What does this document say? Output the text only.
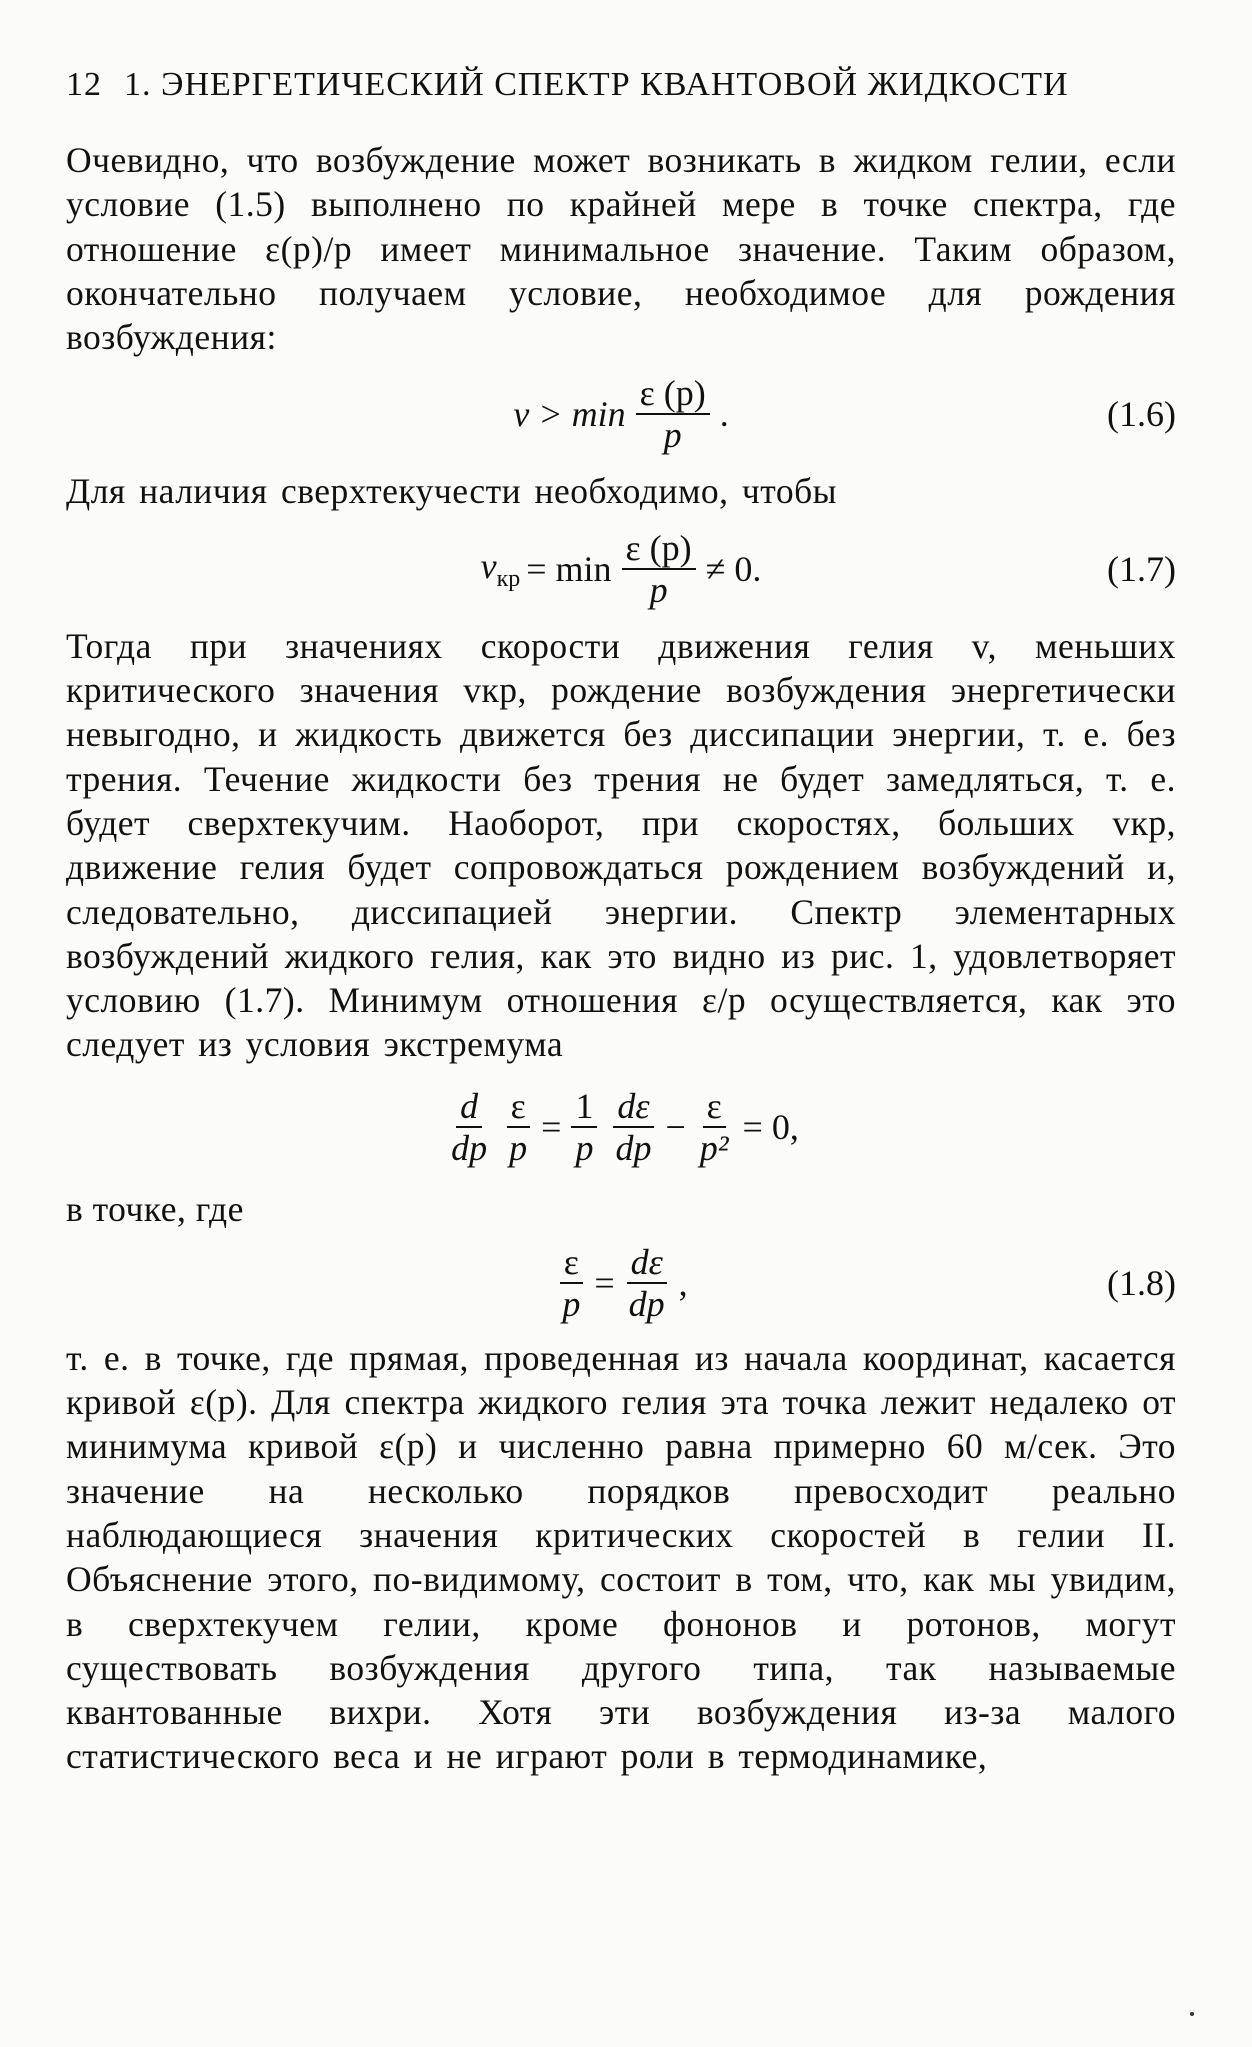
12 1. ЭНЕРГЕТИЧЕСКИЙ СПЕКТР КВАНТОВОЙ ЖИДКОСТИ

Очевидно, что возбуждение может возникать в жидком гелии, если условие (1.5) выполнено по крайней мере в точке спектра, где отношение ε(p)/p имеет минимальное значение. Таким образом, окончательно получаем условие, необходимое для рождения возбуждения:

$v > \min \frac{\varepsilon (p)}{p}$ .	(1.6)

Для наличия сверхтекучести необходимо, чтобы

$v_{кр} = \min \frac{\varepsilon (p)}{p} \ne 0$.	(1.7)

Тогда при значениях скорости движения гелия v, меньших критического значения vкр, рождение возбуждения энергетически невыгодно, и жидкость движется без диссипации энергии, т. е. без трения. Течение жидкости без трения не будет замедляться, т. е. будет сверхтекучим. Наоборот, при скоростях, больших vкр, движение гелия будет сопровождаться рождением возбуждений и, следовательно, диссипацией энергии. Спектр элементарных возбуждений жидкого гелия, как это видно из рис. 1, удовлетворяет условию (1.7). Минимум отношения ε/p осуществляется, как это следует из условия экстремума

$\frac{d}{dp} \frac{\varepsilon}{p} = \frac{1}{p} \frac{d\varepsilon}{dp} - \frac{\varepsilon}{\text{p²}} = 0$,

в точке, где

$\frac{\varepsilon}{p} = \frac{d\varepsilon}{dp}$ ,	(1.8)

т. е. в точке, где прямая, проведенная из начала координат, касается кривой ε(p). Для спектра жидкого гелия эта точка лежит недалеко от минимума кривой ε(p) и численно равна примерно 60 м/сек. Это значение на несколько порядков превосходит реально наблюдающиеся значения критических скоростей в гелии II. Объяснение этого, по-видимому, состоит в том, что, как мы увидим, в сверхтекучем гелии, кроме фононов и ротонов, могут существовать возбуждения другого типа, так называемые квантованные вихри. Хотя эти возбуждения из-за малого статистического веса и не играют роли в термодинамике,
